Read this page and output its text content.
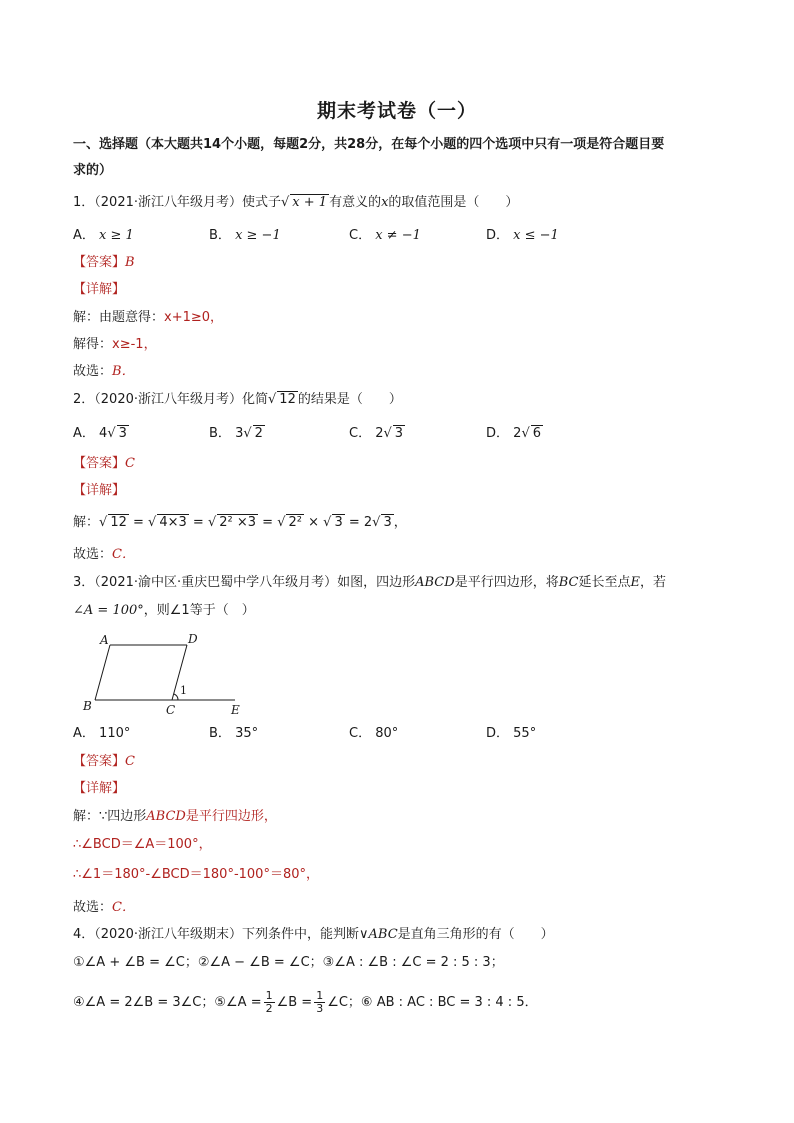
期末考试卷（一）
一、选择题（本大题共14个小题，每题2分，共28分，在每个小题的四个选项中只有一项是符合题目要
求的）
1．（2021·浙江八年级月考）使式子√ x + 1 有意义的x的取值范围是（　　）
A． x ≥ 1	B． x ≥ −1	C． x ≠ −1	D． x ≤ −1
【答案】B
【详解】
解：由题意得：x+1≥0，
解得：x≥-1，
故选：B．
2．（2020·浙江八年级月考）化简√ 12 的结果是（　　）
A． 4√ 3	B． 3√ 2	C． 2√ 3	D． 2√ 6
【答案】C
【详解】
解：√ 12 = √ 4×3 = √ 2² ×3 = √ 2² × √ 3 = 2√ 3 ，
故选：C．
3．（2021·渝中区·重庆巴蜀中学八年级月考）如图，四边形ABCD是平行四边形，将BC延长至点E，若
∠A = 100°，则∠1等于（　）
A	D
B	C	E
1
A． 110°	B． 35°	C． 80°	D． 55°
【答案】C
【详解】
解：∵四边形ABCD是平行四边形，
∴∠BCD＝∠A＝100°，
∴∠1＝180°-∠BCD＝180°-100°＝80°，
故选：C．
4．（2020·浙江八年级期末）下列条件中，能判断∨ABC是直角三角形的有（　　）
①∠A + ∠B = ∠C；②∠A − ∠B = ∠C；③∠A : ∠B : ∠C = 2 : 5 : 3；
④∠A = 2∠B = 3∠C；⑤∠A = $\frac{1}{2}$ ∠B = $\frac{1}{3}$ ∠C；⑥ AB : AC : BC = 3 : 4 : 5．
